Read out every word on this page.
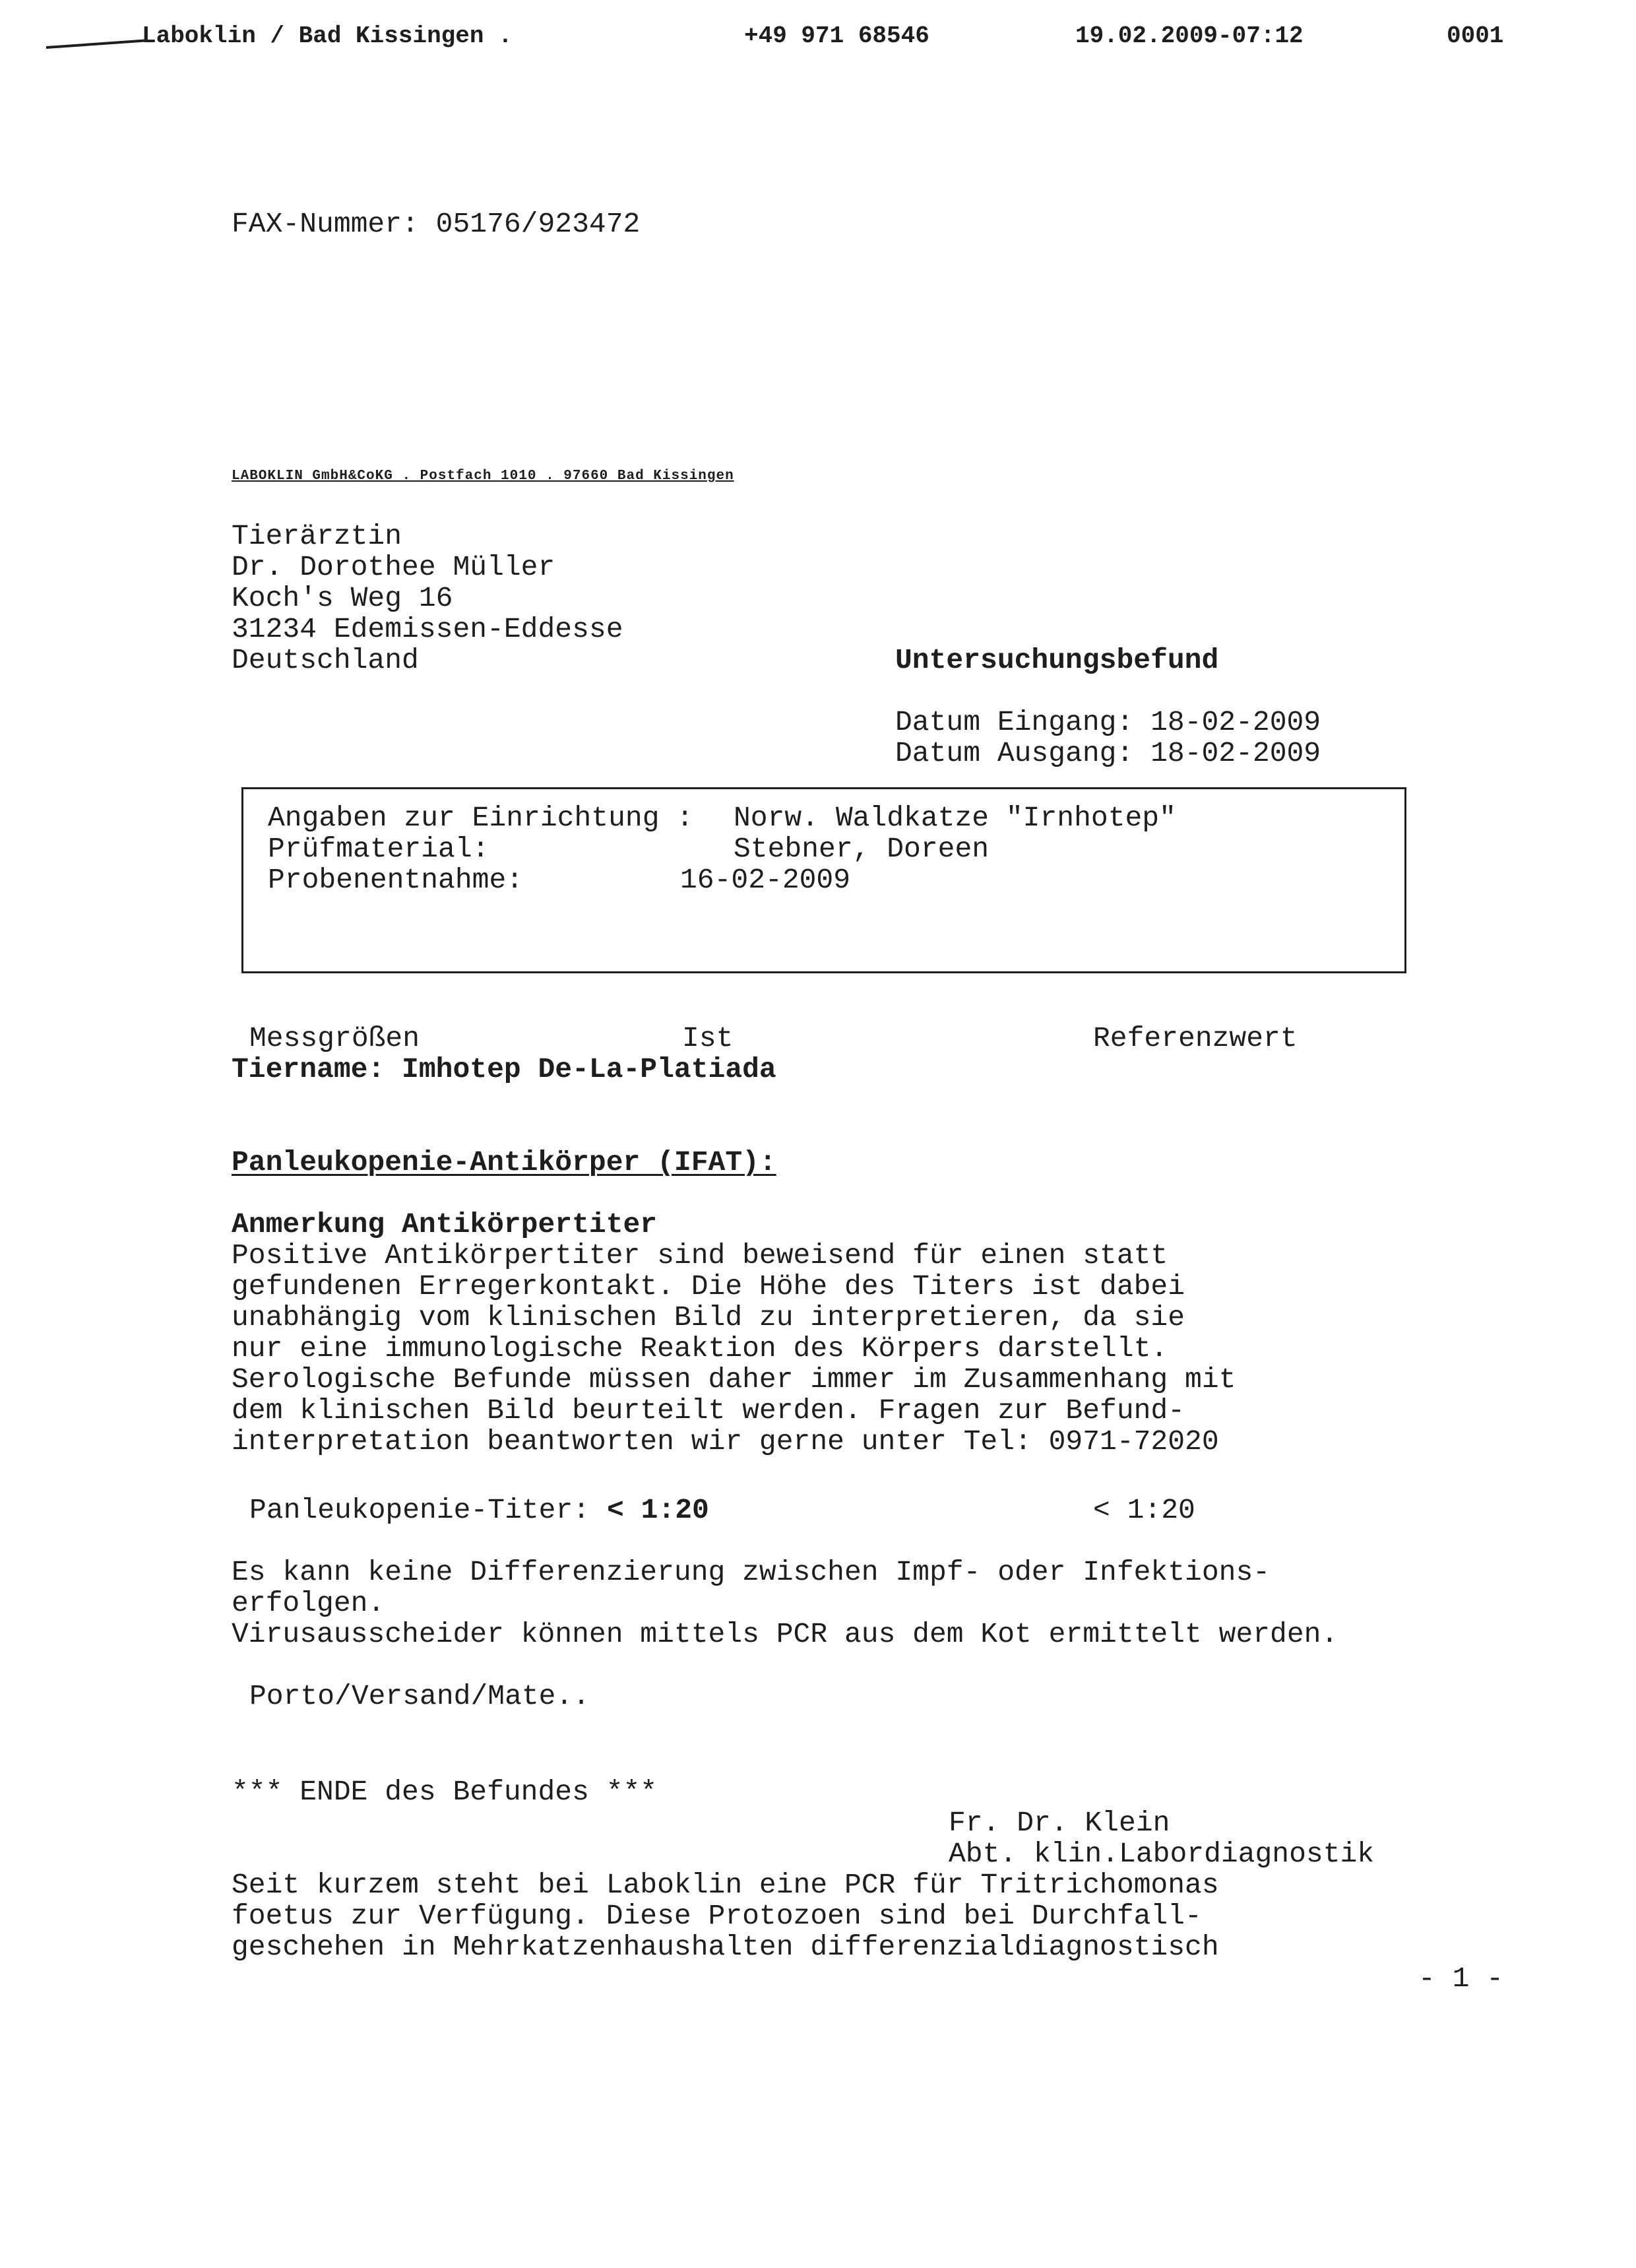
Laboklin / Bad Kissingen .	+49 971 68546	19.02.2009-07:12	0001
FAX-Nummer: 05176/923472
LABOKLIN GmbH&CoKG . Postfach 1010 . 97660 Bad Kissingen
Tierärztin
Dr. Dorothee Müller
Koch's Weg 16
31234 Edemissen-Eddesse
Deutschland	Untersuchungsbefund
Datum Eingang: 18-02-2009
Datum Ausgang: 18-02-2009
Angaben zur Einrichtung : Norw. Waldkatze "Irnhotep"
Prüfmaterial:	Stebner, Doreen
Probenentnahme:	16-02-2009
Messgrößen	Ist	Referenzwert
Tiername: Imhotep De-La-Platiada
Panleukopenie-Antikörper (IFAT):
Anmerkung Antikörpertiter
Positive Antikörpertiter sind beweisend für einen statt
gefundenen Erregerkontakt. Die Höhe des Titers ist dabei
unabhängig vom klinischen Bild zu interpretieren, da sie
nur eine immunologische Reaktion des Körpers darstellt.
Serologische Befunde müssen daher immer im Zusammenhang mit
dem klinischen Bild beurteilt werden. Fragen zur Befund-
interpretation beantworten wir gerne unter Tel: 0971-72020
Panleukopenie-Titer: < 1:20	< 1:20
Es kann keine Differenzierung zwischen Impf- oder Infektions-
erfolgen.
Virusausscheider können mittels PCR aus dem Kot ermittelt werden.
Porto/Versand/Mate..
*** ENDE des Befundes ***
Fr. Dr. Klein
Abt. klin.Labordiagnostik
Seit kurzem steht bei Laboklin eine PCR für Tritrichomonas
foetus zur Verfügung. Diese Protozoen sind bei Durchfall-
geschehen in Mehrkatzenhaushalten differenzialdiagnostisch
- 1 -
